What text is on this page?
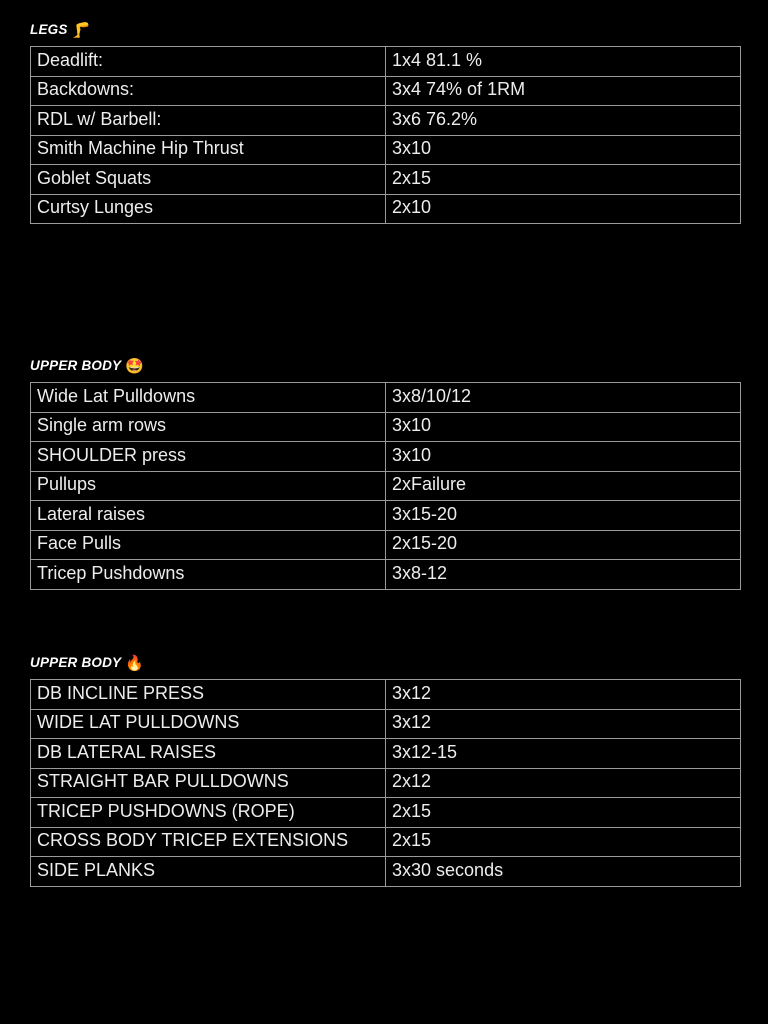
LEGS 🦵
Deadlift:	1x4 81.1 %
Backdowns:	3x4 74% of 1RM
RDL w/ Barbell:	3x6 76.2%
Smith Machine Hip Thrust	3x10
Goblet Squats	2x15
Curtsy Lunges	2x10
UPPER BODY 🤩
Wide Lat Pulldowns	3x8/10/12
Single arm rows	3x10
SHOULDER press	3x10
Pullups	2xFailure
Lateral raises	3x15-20
Face Pulls	2x15-20
Tricep Pushdowns	3x8-12
UPPER BODY 🔥
DB INCLINE PRESS	3x12
WIDE LAT PULLDOWNS	3x12
DB LATERAL RAISES	3x12-15
STRAIGHT BAR PULLDOWNS	2x12
TRICEP PUSHDOWNS (ROPE)	2x15
CROSS BODY TRICEP EXTENSIONS	2x15
SIDE PLANKS	3x30 seconds
